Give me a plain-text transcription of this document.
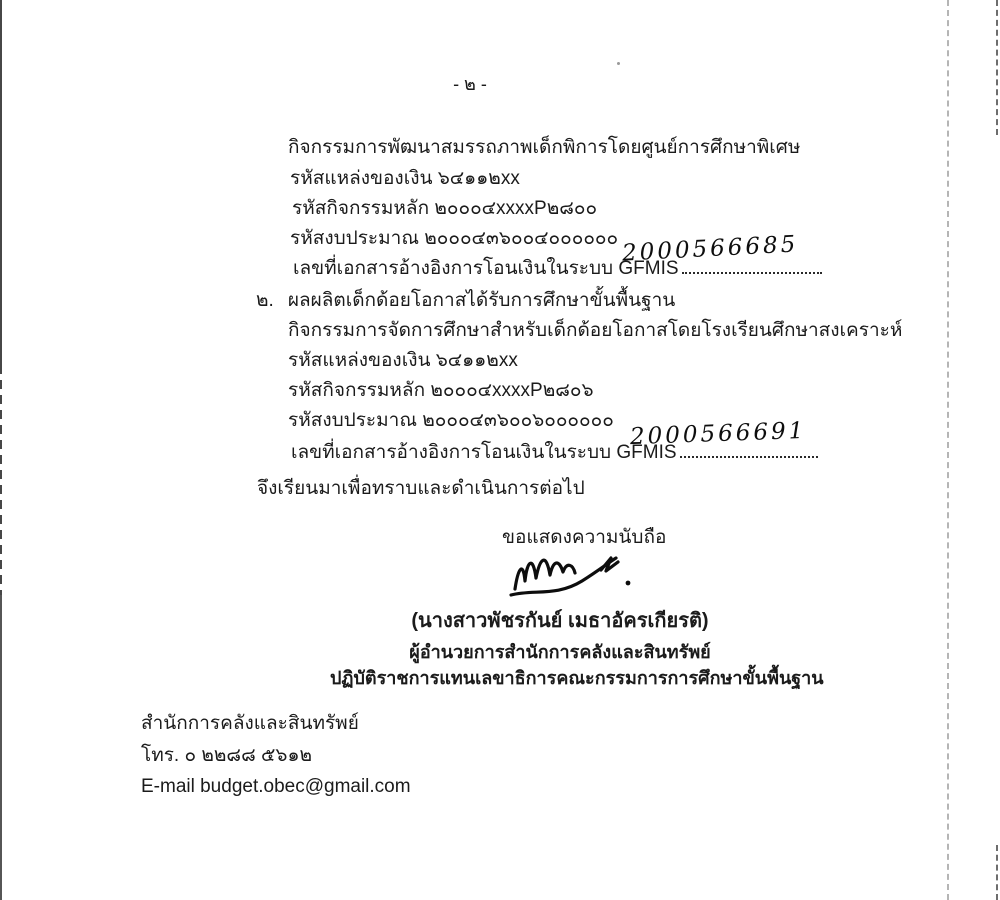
- ๒ -
กิจกรรมการพัฒนาสมรรถภาพเด็กพิการโดยศูนย์การศึกษาพิเศษ
รหัสแหล่งของเงิน ๖๔๑๑๒xx
รหัสกิจกรรมหลัก ๒๐๐๐๔xxxxP๒๘๐๐
รหัสงบประมาณ ๒๐๐๐๔๓๖๐๐๔๐๐๐๐๐๐
เลขที่เอกสารอ้างอิงการโอนเงินในระบบ GFMIS
2000566685
๒. ผลผลิตเด็กด้อยโอกาสได้รับการศึกษาขั้นพื้นฐาน
กิจกรรมการจัดการศึกษาสำหรับเด็กด้อยโอกาสโดยโรงเรียนศึกษาสงเคราะห์
รหัสแหล่งของเงิน ๖๔๑๑๒xx
รหัสกิจกรรมหลัก ๒๐๐๐๔xxxxP๒๘๐๖
รหัสงบประมาณ ๒๐๐๐๔๓๖๐๐๖๐๐๐๐๐๐
เลขที่เอกสารอ้างอิงการโอนเงินในระบบ GFMIS
2000566691
จึงเรียนมาเพื่อทราบและดำเนินการต่อไป
ขอแสดงความนับถือ
(นางสาวพัชรกันย์ เมธาอัครเกียรติ)
ผู้อำนวยการสำนักการคลังและสินทรัพย์
ปฏิบัติราชการแทนเลขาธิการคณะกรรมการการศึกษาขั้นพื้นฐาน
สำนักการคลังและสินทรัพย์
โทร. ๐ ๒๒๘๘ ๕๖๑๒
E-mail budget.obec@gmail.com
